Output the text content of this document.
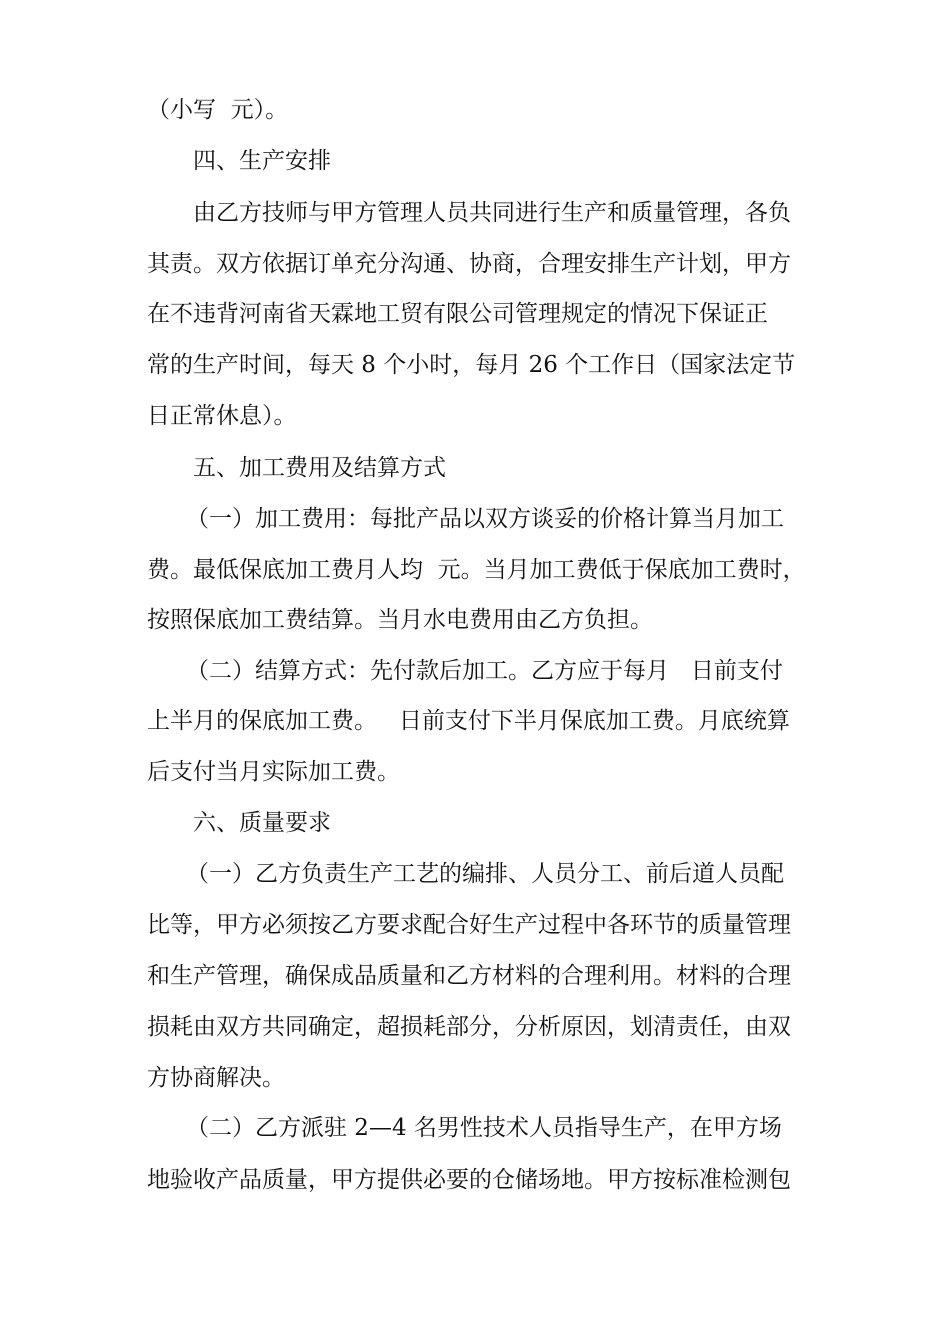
（小写  元）。
四、生产安排
由乙方技师与甲方管理人员共同进行生产和质量管理，各负
其责。双方依据订单充分沟通、协商，合理安排生产计划，甲方
在不违背河南省天霖地工贸有限公司管理规定的情况下保证正
常的生产时间，每天 8 个小时，每月 26 个工作日（国家法定节
日正常休息）。
五、加工费用及结算方式
（一）加工费用：每批产品以双方谈妥的价格计算当月加工
费。最低保底加工费月人均  元。当月加工费低于保底加工费时，
按照保底加工费结算。当月水电费用由乙方负担。
（二）结算方式：先付款后加工。乙方应于每月   日前支付
上半月的保底加工费。   日前支付下半月保底加工费。月底统算
后支付当月实际加工费。
六、质量要求
（一）乙方负责生产工艺的编排、人员分工、前后道人员配
比等，甲方必须按乙方要求配合好生产过程中各环节的质量管理
和生产管理，确保成品质量和乙方材料的合理利用。材料的合理
损耗由双方共同确定，超损耗部分，分析原因，划清责任，由双
方协商解决。
（二）乙方派驻 2—4 名男性技术人员指导生产，在甲方场
地验收产品质量，甲方提供必要的仓储场地。甲方按标准检测包
